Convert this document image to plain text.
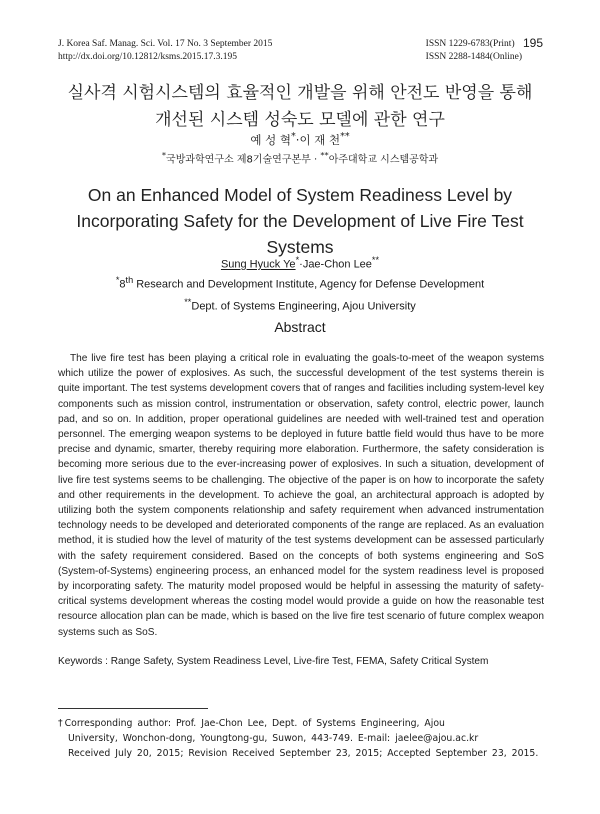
J. Korea Saf. Manag. Sci. Vol. 17 No. 3 September 2015
http://dx.doi.org/10.12812/ksms.2015.17.3.195
ISSN 1229-6783(Print)
ISSN 2288-1484(Online)
195
실사격 시험시스템의 효율적인 개발을 위해 안전도 반영을 통해
개선된 시스템 성숙도 모델에 관한 연구
예 성 혁*·이 재 천**
*국방과학연구소 제8기술연구본부 · **아주대학교 시스템공학과
On an Enhanced Model of System Readiness Level by
Incorporating Safety for the Development of Live Fire Test
Systems
Sung Hyuck Ye*·Jae-Chon Lee**
*8th Research and Development Institute, Agency for Defense Development
**Dept. of Systems Engineering, Ajou University
Abstract
The live fire test has been playing a critical role in evaluating the goals-to-meet of the weapon systems which utilize the power of explosives. As such, the successful development of the test systems therein is quite important. The test systems development covers that of ranges and facilities including system-level key components such as mission control, instrumentation or observation, safety control, electric power, launch pad, and so on. In addition, proper operational guidelines are needed with well-trained test and operation personnel. The emerging weapon systems to be deployed in future battle field would thus have to be more precise and dynamic, smarter, thereby requiring more elaboration. Furthermore, the safety consideration is becoming more serious due to the ever-increasing power of explosives. In such a situation, development of live fire test systems seems to be challenging. The objective of the paper is on how to incorporate the safety and other requirements in the development. To achieve the goal, an architectural approach is adopted by utilizing both the system components relationship and safety requirement when advanced instrumentation technology needs to be developed and deteriorated components of the range are replaced. As an evaluation method, it is studied how the level of maturity of the test systems development can be assessed particularly with the safety requirement considered. Based on the concepts of both systems engineering and SoS (System-of-Systems) engineering process, an enhanced model for the system readiness level is proposed by incorporating safety. The maturity model proposed would be helpful in assessing the maturity of safety-critical systems development whereas the costing model would provide a guide on how the reasonable test resource allocation plan can be made, which is based on the live fire test scenario of future complex weapon systems such as SoS.
Keywords : Range Safety, System Readiness Level, Live-fire Test, FEMA, Safety Critical System
† Corresponding author: Prof. Jae-Chon Lee, Dept. of Systems Engineering, Ajou
University, Wonchon-dong, Youngtong-gu, Suwon, 443-749. E-mail: jaelee@ajou.ac.kr
Received July 20, 2015; Revision Received September 23, 2015; Accepted September 23, 2015.
